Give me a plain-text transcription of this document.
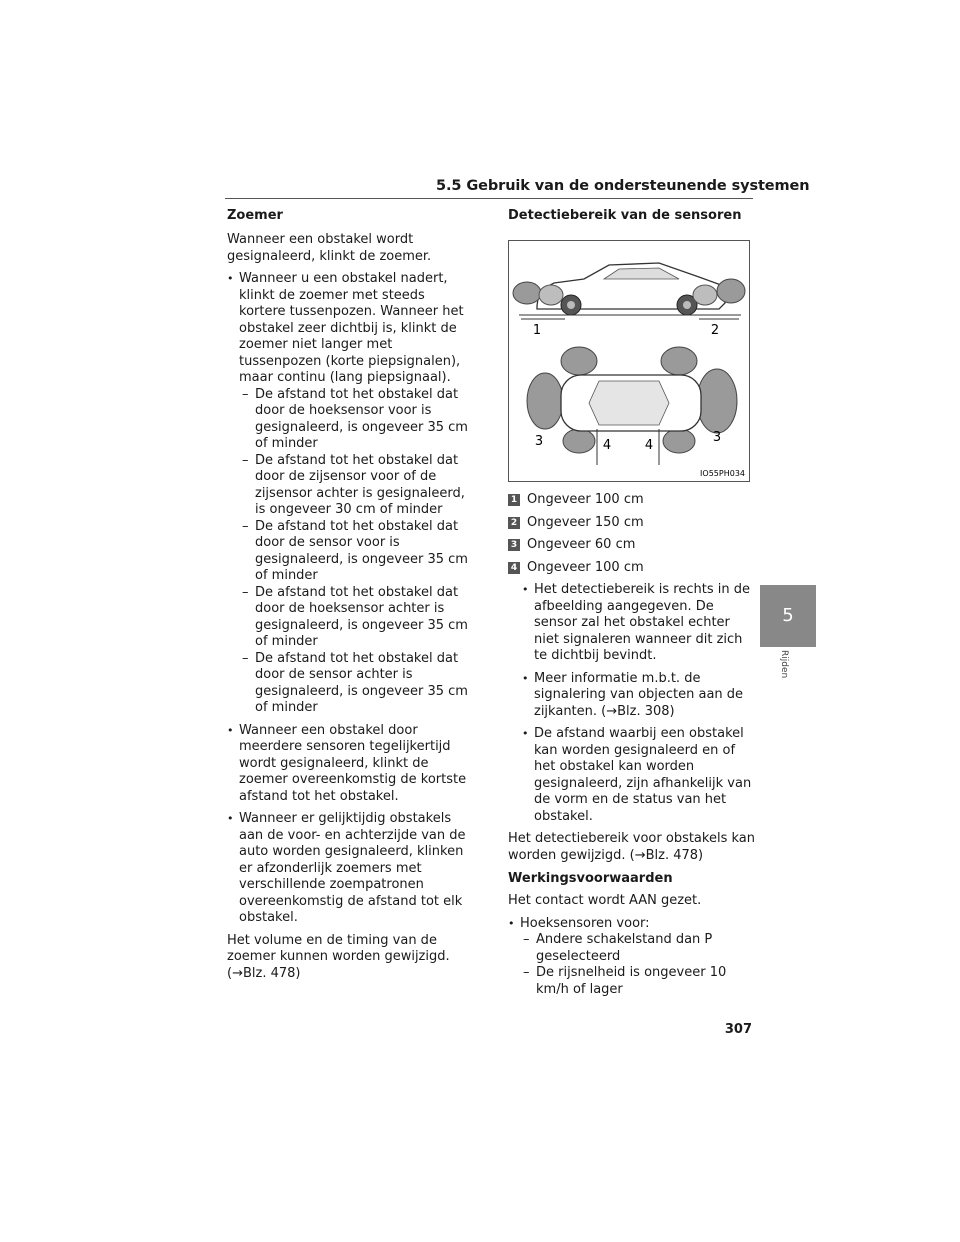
5.5 Gebruik van de ondersteunende systemen
Zoemer

Wanneer een obstakel wordt gesignaleerd, klinkt de zoemer.

• Wanneer u een obstakel nadert, klinkt de zoemer met steeds kortere tussenpozen. Wanneer het obstakel zeer dichtbij is, klinkt de zoemer niet langer met tussenpozen (korte piepsignalen), maar continu (lang piepsignaal).
– De afstand tot het obstakel dat door de hoeksensor voor is gesignaleerd, is ongeveer 35 cm of minder
– De afstand tot het obstakel dat door de zijsensor voor of de zijsensor achter is gesignaleerd, is ongeveer 30 cm of minder
– De afstand tot het obstakel dat door de sensor voor is gesignaleerd, is ongeveer 35 cm of minder
– De afstand tot het obstakel dat door de hoeksensor achter is gesignaleerd, is ongeveer 35 cm of minder
– De afstand tot het obstakel dat door de sensor achter is gesignaleerd, is ongeveer 35 cm of minder
• Wanneer een obstakel door meerdere sensoren tegelijkertijd wordt gesignaleerd, klinkt de zoemer overeenkomstig de kortste afstand tot het obstakel.
• Wanneer er gelijktijdig obstakels aan de voor- en achterzijde van de auto worden gesignaleerd, klinken er afzonderlijk zoemers met verschillende zoempatronen overeenkomstig de afstand tot elk obstakel.

Het volume en de timing van de zoemer kunnen worden gewijzigd. (→Blz. 478)

Detectiebereik van de sensoren
1	2
3	4	4
3
IO55PH034
1 Ongeveer 100 cm
2 Ongeveer 150 cm
3 Ongeveer 60 cm
4 Ongeveer 100 cm
• Het detectiebereik is rechts in de afbeelding aangegeven. De sensor zal het obstakel echter niet signaleren wanneer dit zich te dichtbij bevindt.
• Meer informatie m.b.t. de signalering van objecten aan de zijkanten. (→Blz. 308)
• De afstand waarbij een obstakel kan worden gesignaleerd en of het obstakel kan worden gesignaleerd, zijn afhankelijk van de vorm en de status van het obstakel.

Het detectiebereik voor obstakels kan worden gewijzigd. (→Blz. 478)

Werkingsvoorwaarden

Het contact wordt AAN gezet.

• Hoeksensoren voor:
– Andere schakelstand dan P geselecteerd
– De rijsnelheid is ongeveer 10 km/h of lager
5
Rijden
307
